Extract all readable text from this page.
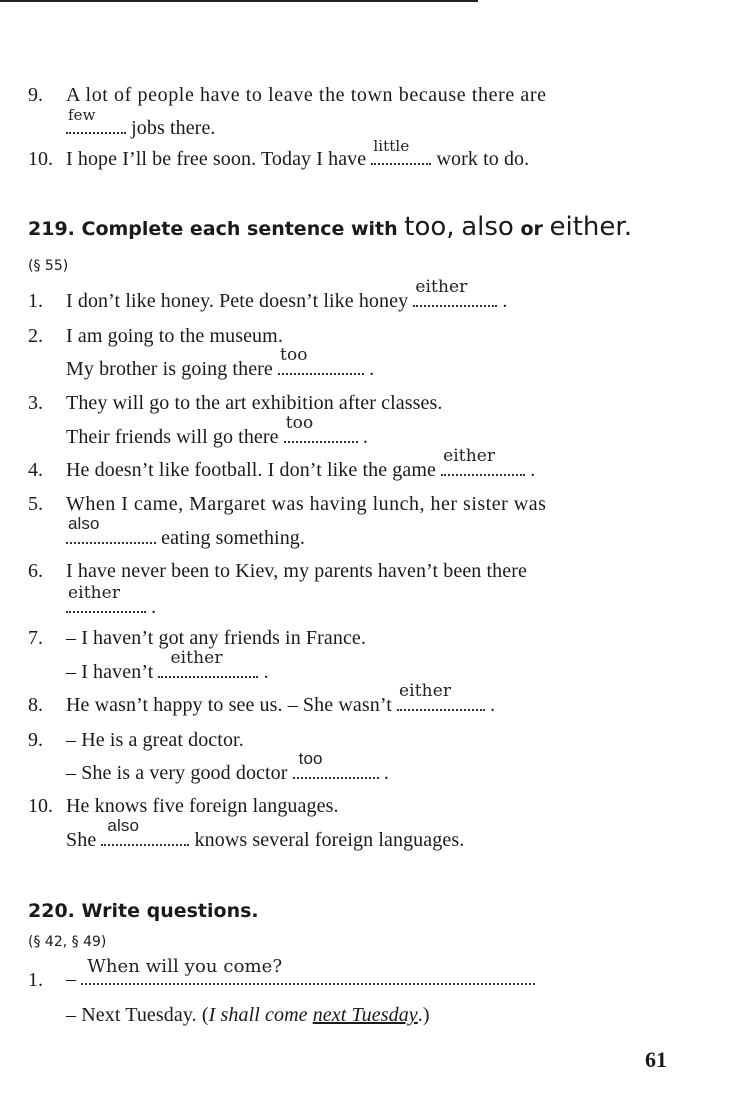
9. A lot of people have to leave the town because there are
few
jobs there.
10. I hope I’ll be free soon. Today I have
little
work to do.
219. Complete each sentence with too, also or either.
(§ 55)
1. I don’t like honey. Pete doesn’t like honey
either
.
2. I am going to the museum.
My brother is going there
too
.
3. They will go to the art exhibition after classes.
Their friends will go there
too
.
4. He doesn’t like football. I don’t like the game
either
.
5. When I came, Margaret was having lunch, her sister was
also
eating something.
6. I have never been to Kiev, my parents haven’t been there
either
.
7. – I haven’t got any friends in France.
– I haven’t
either
.
8. He wasn’t happy to see us. – She wasn’t
either
.
9. – He is a great doctor.
– She is a very good doctor
too
.
10. He knows five foreign languages.
She
also
knows several foreign languages.
220. Write questions.
(§ 42, § 49)
1. –
When will you come?
– Next Tuesday. (I shall come next Tuesday.)
61
